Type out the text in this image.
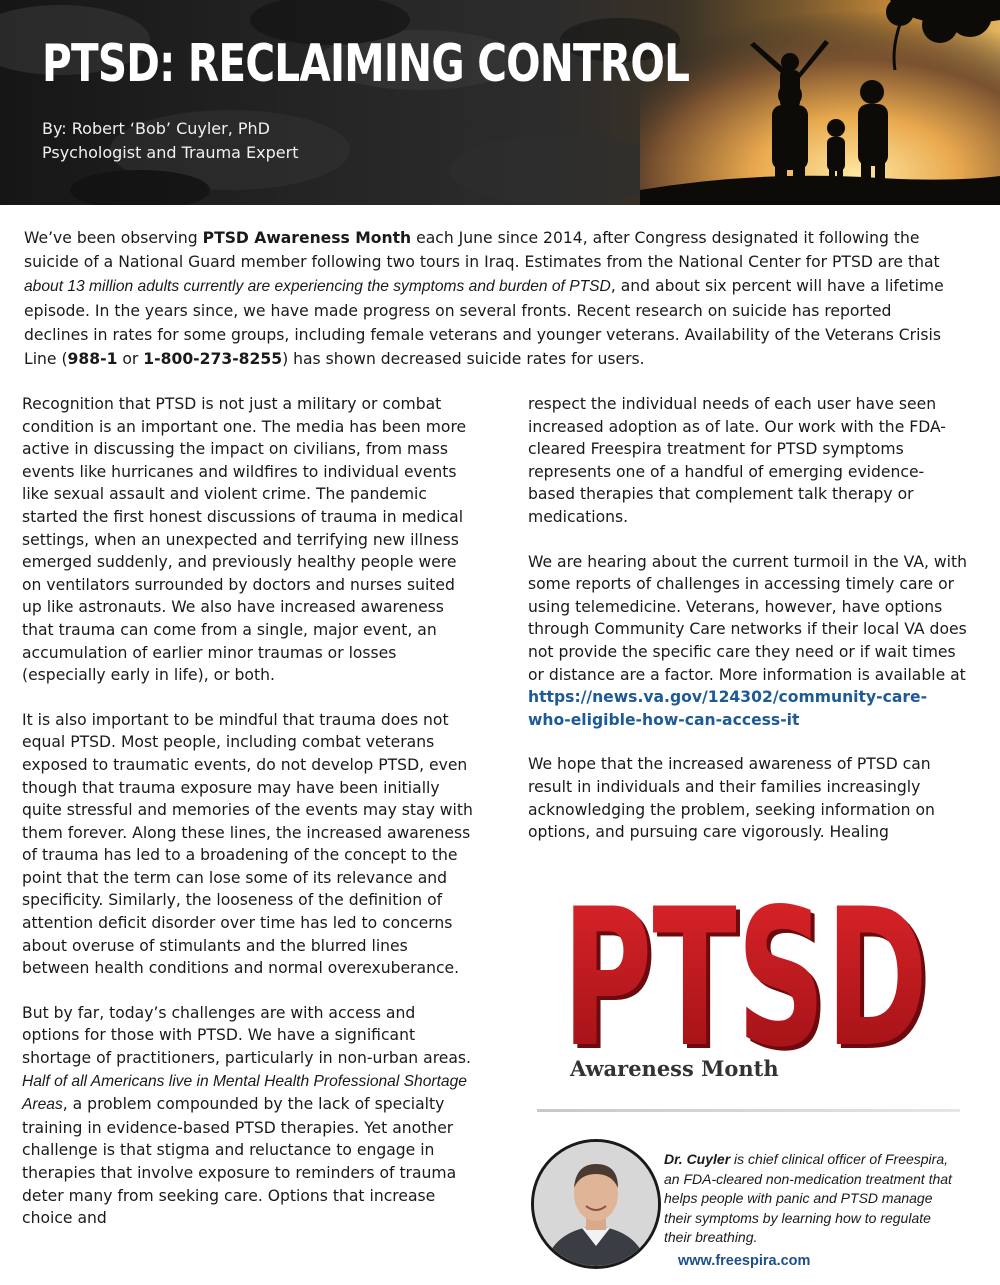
PTSD: RECLAIMING CONTROL
By: Robert ‘Bob’ Cuyler, PhD
Psychologist and Trauma Expert

We’ve been observing PTSD Awareness Month each June since 2014, after Congress designated it following the suicide of a National Guard member following two tours in Iraq. Estimates from the National Center for PTSD are that about 13 million adults currently are experiencing the symptoms and burden of PTSD, and about six percent will have a lifetime episode. In the years since, we have made progress on several fronts. Recent research on suicide has reported declines in rates for some groups, including female veterans and younger veterans. Availability of the Veterans Crisis Line (988-1 or 1-800-273-8255) has shown decreased suicide rates for users.

Recognition that PTSD is not just a military or combat condition is an important one. The media has been more active in discussing the impact on civilians, from mass events like hurricanes and wildfires to individual events like sexual assault and violent crime. The pandemic started the first honest discussions of trauma in medical settings, when an unexpected and terrifying new illness emerged suddenly, and previously healthy people were on ventilators surrounded by doctors and nurses suited up like astronauts. We also have increased awareness that trauma can come from a single, major event, an accumulation of earlier minor traumas or losses (especially early in life), or both.

It is also important to be mindful that trauma does not equal PTSD. Most people, including combat veterans exposed to traumatic events, do not develop PTSD, even though that trauma exposure may have been initially quite stressful and memories of the events may stay with them forever. Along these lines, the increased awareness of trauma has led to a broadening of the concept to the point that the term can lose some of its relevance and specificity. Similarly, the looseness of the definition of attention deficit disorder over time has led to concerns about overuse of stimulants and the blurred lines between health conditions and normal overexuberance.

But by far, today’s challenges are with access and options for those with PTSD. We have a significant shortage of practitioners, particularly in non-urban areas. Half of all Americans live in Mental Health Professional Shortage Areas, a problem compounded by the lack of specialty training in evidence-based PTSD therapies. Yet another challenge is that stigma and reluctance to engage in therapies that involve exposure to reminders of trauma deter many from seeking care. Options that increase choice and

respect the individual needs of each user have seen increased adoption as of late. Our work with the FDA-cleared Freespira treatment for PTSD symptoms represents one of a handful of emerging evidence-based therapies that complement talk therapy or medications.

We are hearing about the current turmoil in the VA, with some reports of challenges in accessing timely care or using telemedicine. Veterans, however, have options through Community Care networks if their local VA does not provide the specific care they need or if wait times or distance are a factor. More information is available at https://news.va.gov/124302/community-care-who-eligible-how-can-access-it

We hope that the increased awareness of PTSD can result in individuals and their families increasingly acknowledging the problem, seeking information on options, and pursuing care vigorously. Healing

PTSD
PTSD

Awareness Month

Dr. Cuyler is chief clinical officer of Freespira, an FDA-cleared non-medication treatment that helps people with panic and PTSD manage their symptoms by learning how to regulate their breathing.

www.freespira.com
